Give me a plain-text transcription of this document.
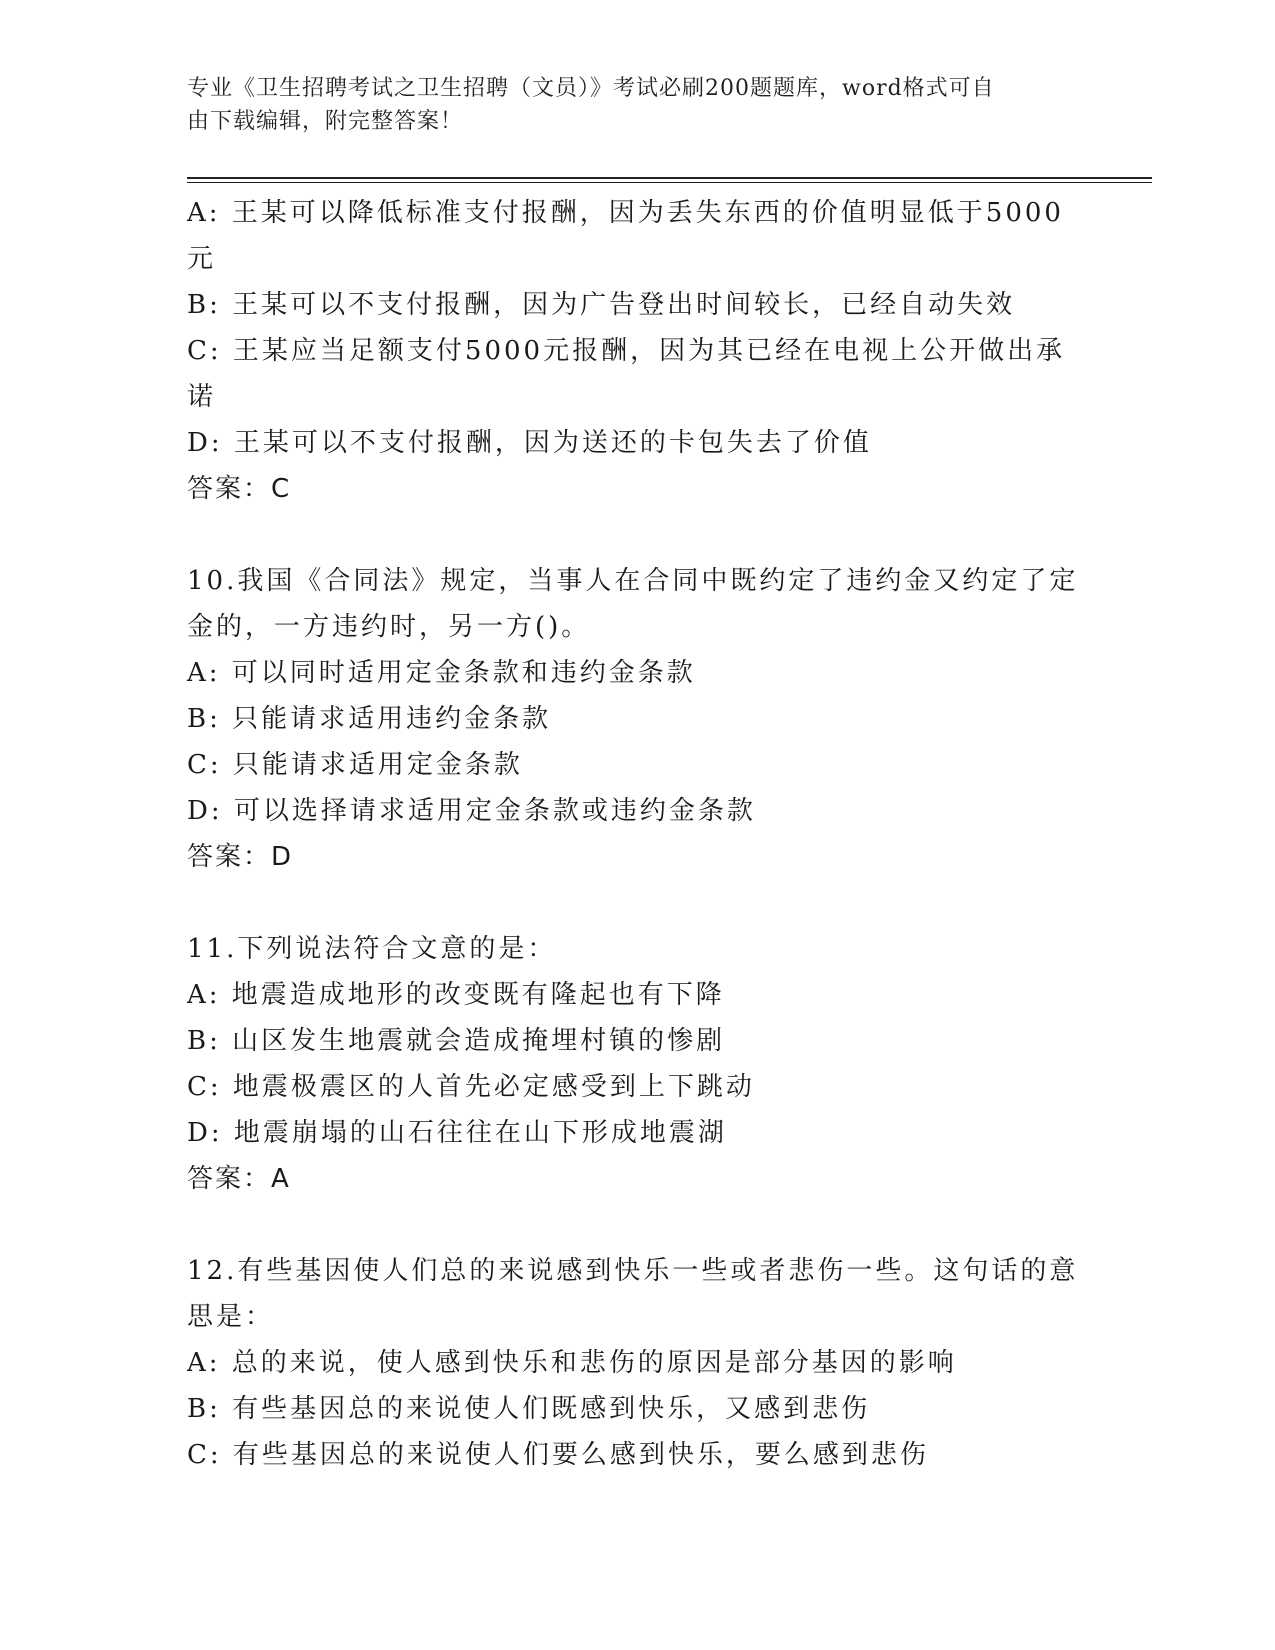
专业《卫生招聘考试之卫生招聘（文员）》考试必刷200题题库，word格式可自
由下载编辑，附完整答案！
A: 王某可以降低标准支付报酬，因为丢失东西的价值明显低于5000
元
B: 王某可以不支付报酬，因为广告登出时间较长，已经自动失效
C: 王某应当足额支付5000元报酬，因为其已经在电视上公开做出承
诺
D: 王某可以不支付报酬，因为送还的卡包失去了价值
答案：C
10.我国《合同法》规定，当事人在合同中既约定了违约金又约定了定
金的，一方违约时，另一方()。
A: 可以同时适用定金条款和违约金条款
B: 只能请求适用违约金条款
C: 只能请求适用定金条款
D: 可以选择请求适用定金条款或违约金条款
答案：D
11.下列说法符合文意的是：
A: 地震造成地形的改变既有隆起也有下降
B: 山区发生地震就会造成掩埋村镇的惨剧
C: 地震极震区的人首先必定感受到上下跳动
D: 地震崩塌的山石往往在山下形成地震湖
答案：A
12.有些基因使人们总的来说感到快乐一些或者悲伤一些。这句话的意
思是：
A: 总的来说，使人感到快乐和悲伤的原因是部分基因的影响
B: 有些基因总的来说使人们既感到快乐，又感到悲伤
C: 有些基因总的来说使人们要么感到快乐，要么感到悲伤
